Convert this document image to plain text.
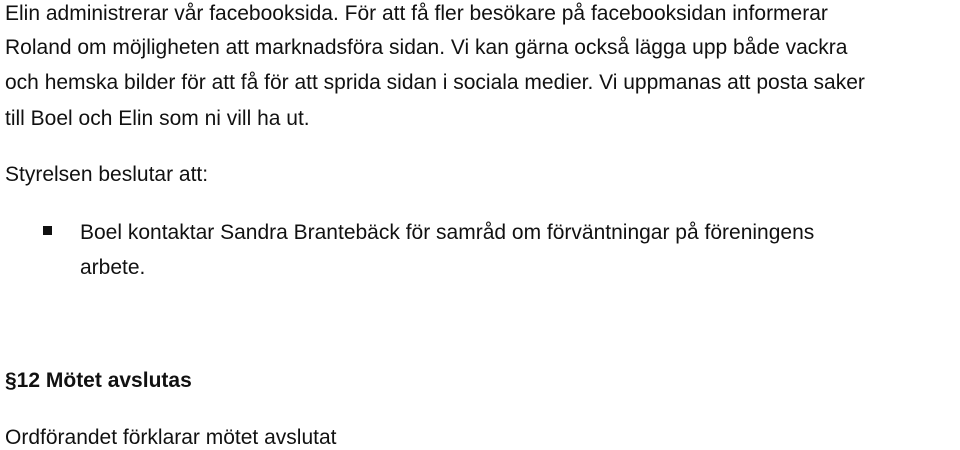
Elin administrerar vår facebooksida. För att få fler besökare på facebooksidan informerar
Roland om möjligheten att marknadsföra sidan. Vi kan gärna också lägga upp både vackra
och hemska bilder för att få för att sprida sidan i sociala medier. Vi uppmanas att posta saker
till Boel och Elin som ni vill ha ut.
Styrelsen beslutar att:
Boel kontaktar Sandra Brantebäck för samråd om förväntningar på föreningens
arbete.
§12 Mötet avslutas
Ordförandet förklarar mötet avslutat
